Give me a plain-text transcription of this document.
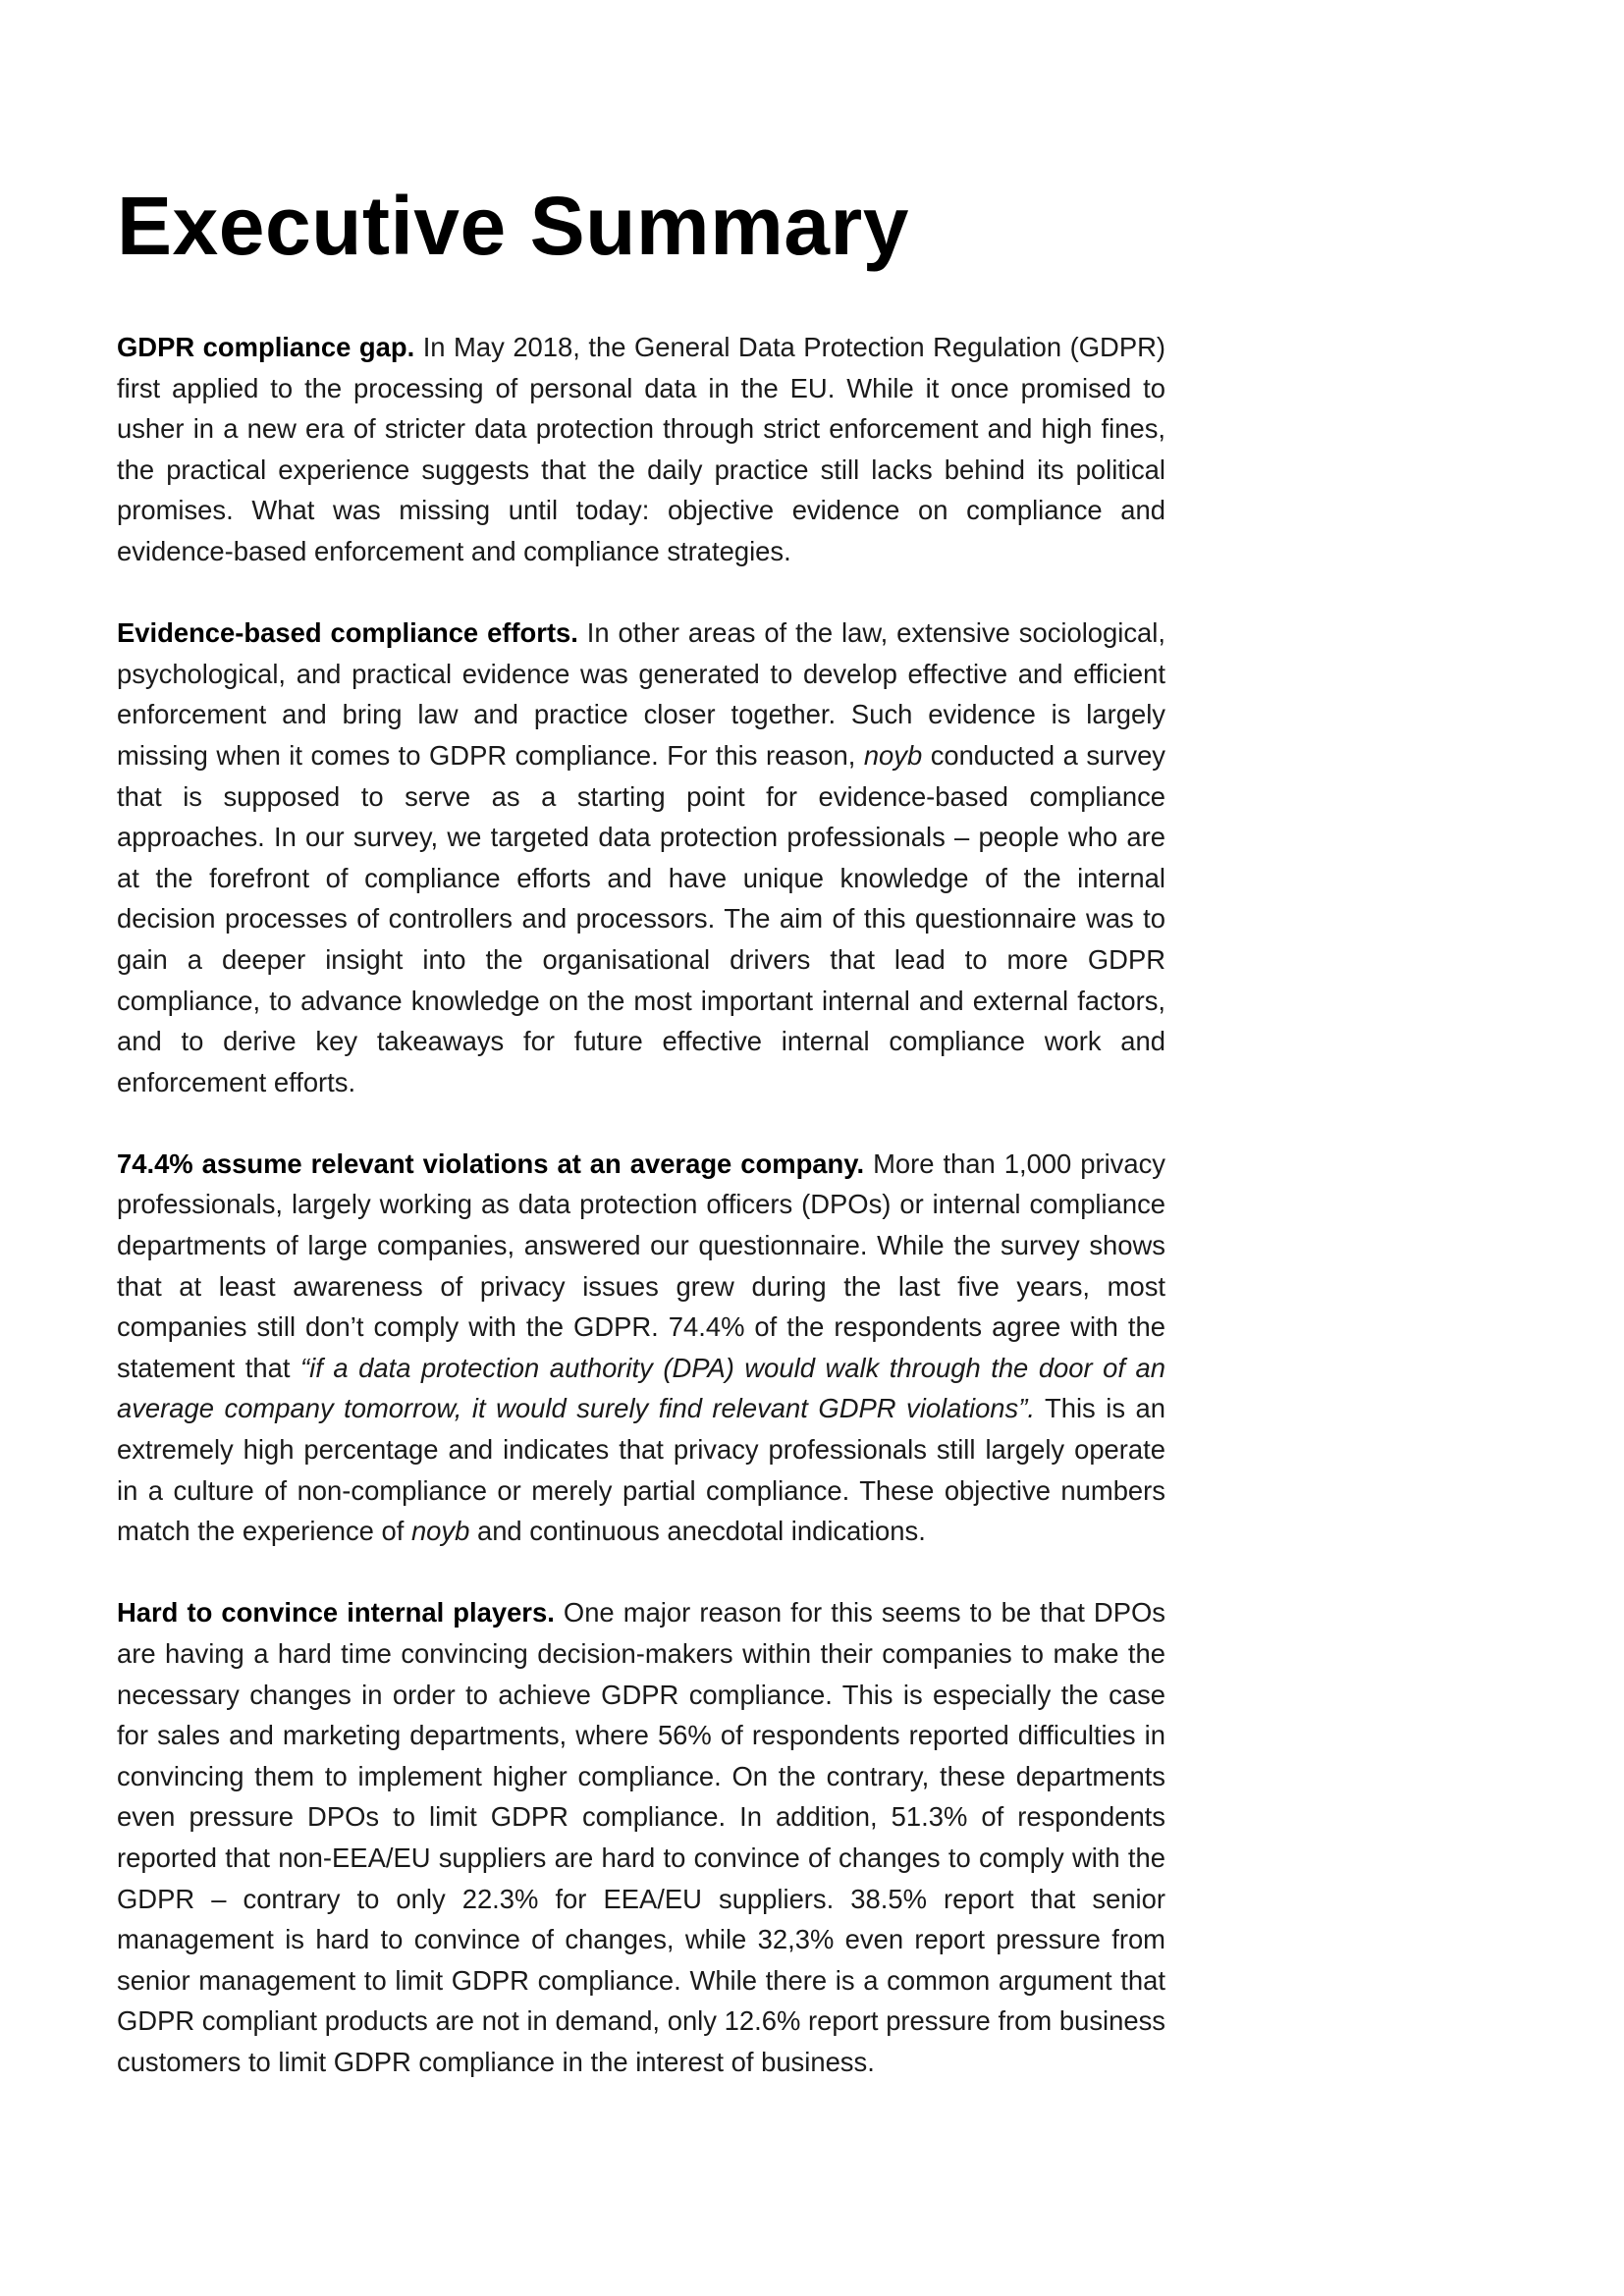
Executive Summary

GDPR compliance gap. In May 2018, the General Data Protection Regulation (GDPR) first applied to the processing of personal data in the EU. While it once promised to usher in a new era of stricter data protection through strict enforcement and high fines, the practical experience suggests that the daily practice still lacks behind its political promises. What was missing until today: objective evidence on compliance and evidence-based enforcement and compliance strategies.

Evidence-based compliance efforts. In other areas of the law, extensive sociological, psychological, and practical evidence was generated to develop effective and efficient enforcement and bring law and practice closer together. Such evidence is largely missing when it comes to GDPR compliance. For this reason, noyb conducted a survey that is supposed to serve as a starting point for evidence-based compliance approaches. In our survey, we targeted data protection professionals – people who are at the forefront of compliance efforts and have unique knowledge of the internal decision processes of controllers and processors. The aim of this questionnaire was to gain a deeper insight into the organisational drivers that lead to more GDPR compliance, to advance knowledge on the most important internal and external factors, and to derive key takeaways for future effective internal compliance work and enforcement efforts.

74.4% assume relevant violations at an average company. More than 1,000 privacy professionals, largely working as data protection officers (DPOs) or internal compliance departments of large companies, answered our questionnaire. While the survey shows that at least awareness of privacy issues grew during the last five years, most companies still don’t comply with the GDPR. 74.4% of the respondents agree with the statement that “if a data protection authority (DPA) would walk through the door of an average company tomorrow, it would surely find relevant GDPR violations”. This is an extremely high percentage and indicates that privacy professionals still largely operate in a culture of non-compliance or merely partial compliance. These objective numbers match the experience of noyb and continuous anecdotal indications.

Hard to convince internal players. One major reason for this seems to be that DPOs are having a hard time convincing decision-makers within their companies to make the necessary changes in order to achieve GDPR compliance. This is especially the case for sales and marketing departments, where 56% of respondents reported difficulties in convincing them to implement higher compliance. On the contrary, these departments even pressure DPOs to limit GDPR compliance. In addition, 51.3% of respondents reported that non-EEA/EU suppliers are hard to convince of changes to comply with the GDPR – contrary to only 22.3% for EEA/EU suppliers. 38.5% report that senior management is hard to convince of changes, while 32,3% even report pressure from senior management to limit GDPR compliance. While there is a common argument that GDPR compliant products are not in demand, only 12.6% report pressure from business customers to limit GDPR compliance in the interest of business.
